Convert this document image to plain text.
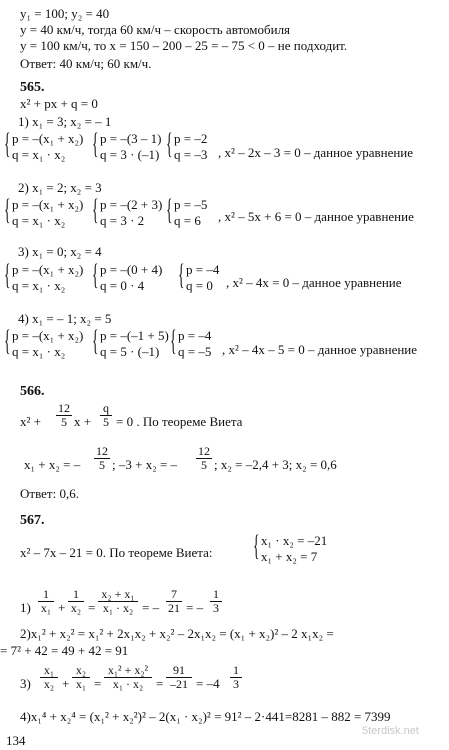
y₁ = 100; y₂ = 40
y = 40 км/ч, тогда 60 км/ч – скорость автомобиля
y = 100 км/ч, то x = 150 – 200 – 25 = – 75 < 0 – не подходит.
Ответ: 40 км/ч; 60 км/ч.
565.
x² + px + q = 0
1) x₁ = 3; x₂ = – 1
{ p = –(x₁ + x₂)
q = x₁ · x₂ { p = –(3 – 1)
q = 3 · (–1) { p = –2
q = –3 , x² – 2x – 3 = 0 – данное уравнение
2) x₁ = 2; x₂ = 3
{ p = –(x₁ + x₂)
q = x₁ · x₂ { p = –(2 + 3)
q = 3 · 2 { p = –5
q = 6 , x² – 5x + 6 = 0 – данное уравнение
3) x₁ = 0; x₂ = 4
{ p = –(x₁ + x₂)
q = x₁ · x₂ { p = –(0 + 4)
q = 0 · 4 { p = –4
q = 0 , x² – 4x = 0 – данное уравнение
4) x₁ = – 1; x₂ = 5
{ p = –(x₁ + x₂)
q = x₁ · x₂ { p = –(–1 + 5)
q = 5 · (–1) { p = –4
q = –5 , x² – 4x – 5 = 0 – данное уравнение
566.
$x^2 + \frac{12}{5}$ $x + \frac{q}{5} = 0$ . По теореме Виета
x₁ + x₂ = – $\frac{12}{5}$ ; –3 + x₂ = – $\frac{12}{5}$ ; x₂ = –2,4 + 3; x₂ = 0,6
Ответ: 0,6.
567.
x² – 7x – 21 = 0. По теореме Виета: { x₁ · x₂ = –21
x₁ + x₂ = 7
$1) \frac{1}{\text{x₁}} + \frac{1}{\text{x₂}} = \frac{\text{x₂ + x₁}}{\text{x₁ · x₂}}$ = – $\frac{7}{21}$ = – $\frac{1}{3}$
2)x₁² + x₂² = x₁² + 2x₁x₂ + x₂² – 2x₁x₂ = (x₁ + x₂)² – 2 x₁x₂ =
= 7² + 42 = 49 + 42 = 91
$3) \frac{\text{x₁}}{\text{x₂}} + \frac{\text{x₂}}{\text{x₁}} = \frac{\text{x₁² + x₂²}}{\text{x₁ · x₂}} = \frac{91}{-21} = -4 \frac{1}{3}$
4)x₁⁴ + x₂⁴ = (x₁² + x₂²)² – 2(x₁ · x₂)² = 91² – 2·441=8281 – 882 = 7399
134
5terdisk.net
